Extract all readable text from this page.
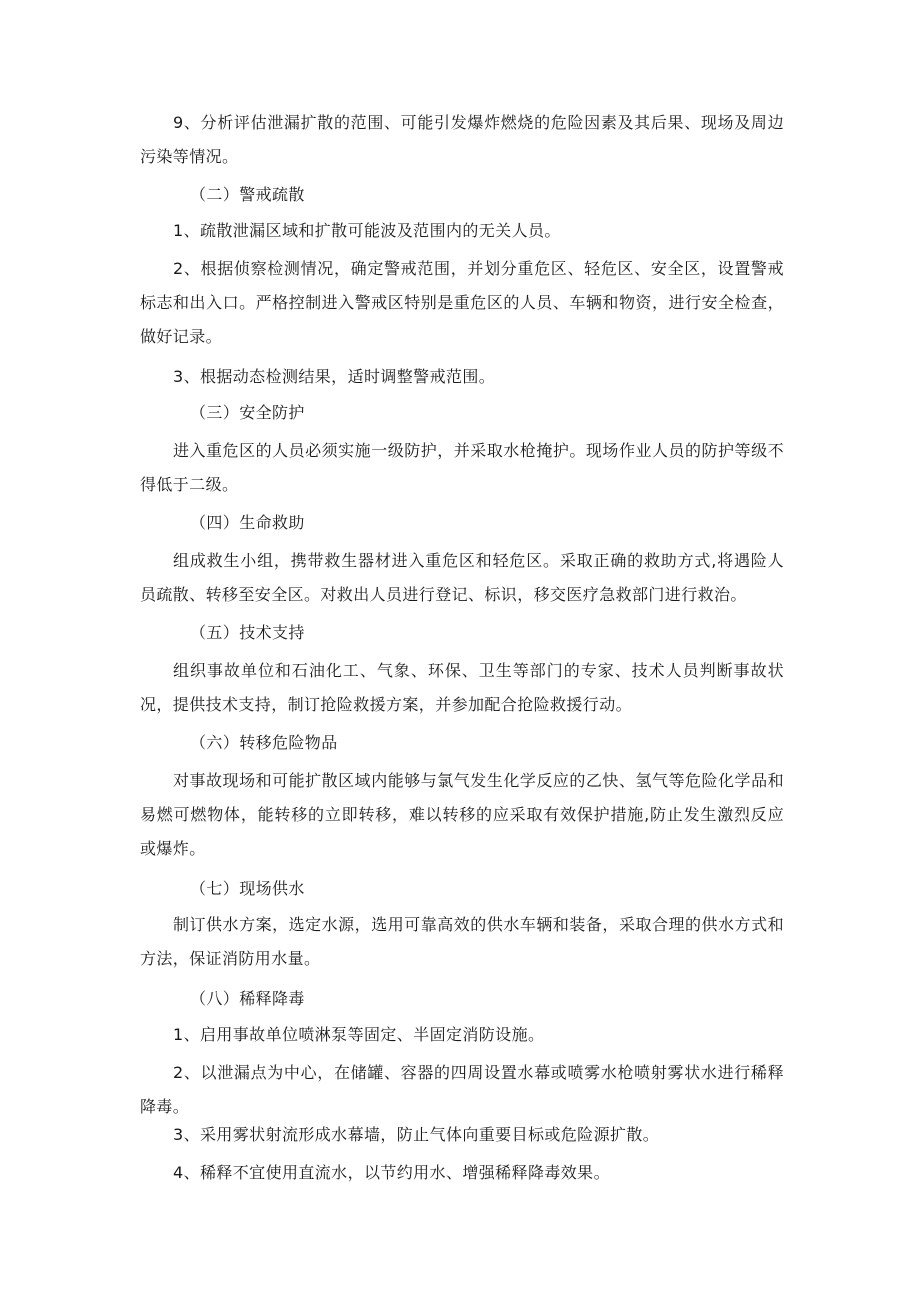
9、分析评估泄漏扩散的范围、可能引发爆炸燃烧的危险因素及其后果、现场及周边污染等情况。

（二）警戒疏散

1、疏散泄漏区域和扩散可能波及范围内的无关人员。

2、根据侦察检测情况，确定警戒范围，并划分重危区、轻危区、安全区，设置警戒标志和出入口。严格控制进入警戒区特别是重危区的人员、车辆和物资，进行安全检查，做好记录。

3、根据动态检测结果，适时调整警戒范围。

（三）安全防护

进入重危区的人员必须实施一级防护，并采取水枪掩护。现场作业人员的防护等级不得低于二级。

（四）生命救助

组成救生小组，携带救生器材进入重危区和轻危区。采取正确的救助方式,将遇险人员疏散、转移至安全区。对救出人员进行登记、标识，移交医疗急救部门进行救治。

（五）技术支持

组织事故单位和石油化工、气象、环保、卫生等部门的专家、技术人员判断事故状况，提供技术支持，制订抢险救援方案，并参加配合抢险救援行动。

（六）转移危险物品

对事故现场和可能扩散区域内能够与氯气发生化学反应的乙快、氢气等危险化学品和易燃可燃物体，能转移的立即转移，难以转移的应采取有效保护措施,防止发生激烈反应或爆炸。

（七）现场供水

制订供水方案，选定水源，选用可靠高效的供水车辆和装备，采取合理的供水方式和方法，保证消防用水量。

（八）稀释降毒

1、启用事故单位喷淋泵等固定、半固定消防设施。

2、以泄漏点为中心，在储罐、容器的四周设置水幕或喷雾水枪喷射雾状水进行稀释降毒。

3、采用雾状射流形成水幕墙，防止气体向重要目标或危险源扩散。

4、稀释不宜使用直流水，以节约用水、增强稀释降毒效果。
